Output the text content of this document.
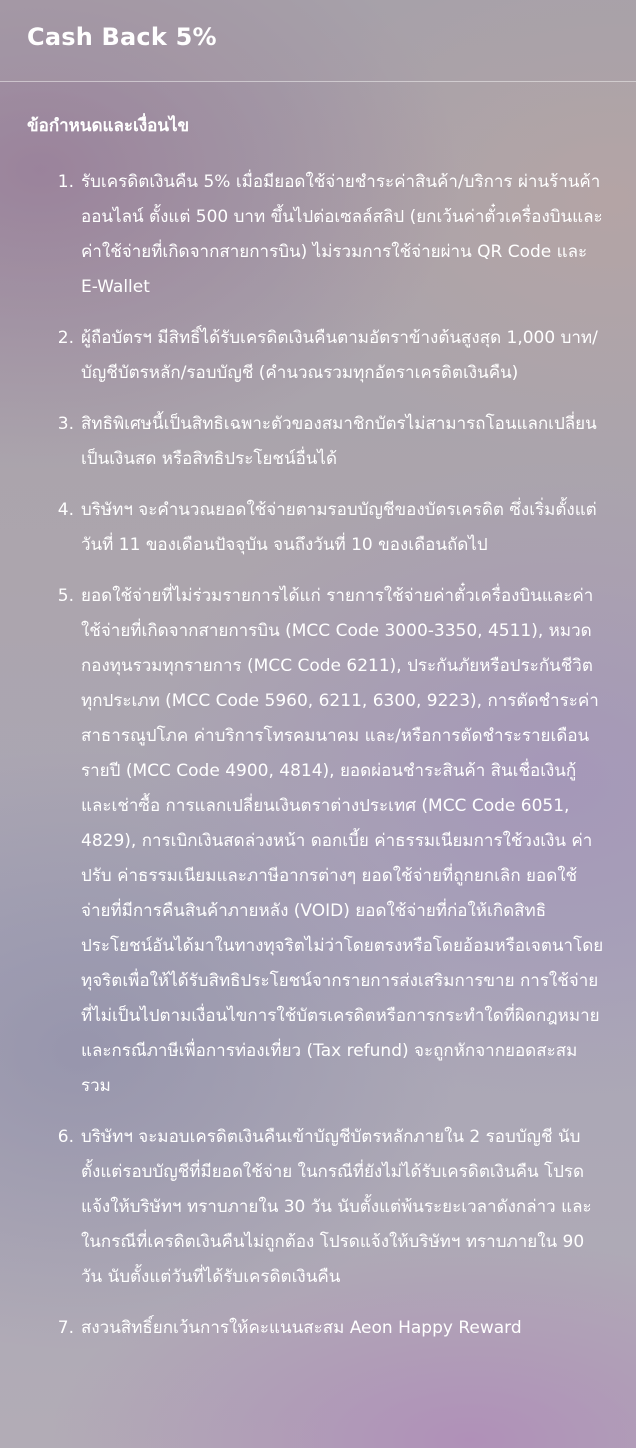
Cash Back 5%
ข้อกำหนดและเงื่อนไข
1. รับเครดิตเงินคืน 5% เมื่อมียอดใช้จ่ายชำระค่าสินค้า/บริการ ผ่านร้านค้าออนไลน์ ตั้งแต่ 500 บาท ขึ้นไปต่อเซลล์สลิป (ยกเว้นค่าตั๋วเครื่องบินและค่าใช้จ่ายที่เกิดจากสายการบิน) ไม่รวมการใช้จ่ายผ่าน QR Code และ E-Wallet
2. ผู้ถือบัตรฯ มีสิทธิ์ได้รับเครดิตเงินคืนตามอัตราข้างต้นสูงสุด 1,000 บาท/บัญชีบัตรหลัก/รอบบัญชี (คำนวณรวมทุกอัตราเครดิตเงินคืน)
3. สิทธิพิเศษนี้เป็นสิทธิเฉพาะตัวของสมาชิกบัตรไม่สามารถโอนแลกเปลี่ยนเป็นเงินสด หรือสิทธิประโยชน์อื่นได้
4. บริษัทฯ จะคำนวณยอดใช้จ่ายตามรอบบัญชีของบัตรเครดิต ซึ่งเริ่มตั้งแต่วันที่ 11 ของเดือนปัจจุบัน จนถึงวันที่ 10 ของเดือนถัดไป
5. ยอดใช้จ่ายที่ไม่ร่วมรายการได้แก่ รายการใช้จ่ายค่าตั๋วเครื่องบินและค่าใช้จ่ายที่เกิดจากสายการบิน (MCC Code 3000-3350, 4511), หมวดกองทุนรวมทุกรายการ (MCC Code 6211), ประกันภัยหรือประกันชีวิตทุกประเภท (MCC Code 5960, 6211, 6300, 9223), การตัดชำระค่าสาธารณูปโภค ค่าบริการโทรคมนาคม และ/หรือการตัดชำระรายเดือนรายปี (MCC Code 4900, 4814), ยอดผ่อนชำระสินค้า สินเชื่อเงินกู้และเช่าซื้อ การแลกเปลี่ยนเงินตราต่างประเทศ (MCC Code 6051, 4829), การเบิกเงินสดล่วงหน้า ดอกเบี้ย ค่าธรรมเนียมการใช้วงเงิน ค่าปรับ ค่าธรรมเนียมและภาษีอากรต่างๆ ยอดใช้จ่ายที่ถูกยกเลิก ยอดใช้จ่ายที่มีการคืนสินค้าภายหลัง (VOID) ยอดใช้จ่ายที่ก่อให้เกิดสิทธิประโยชน์อันได้มาในทางทุจริตไม่ว่าโดยตรงหรือโดยอ้อมหรือเจตนาโดยทุจริตเพื่อให้ได้รับสิทธิประโยชน์จากรายการส่งเสริมการขาย การใช้จ่ายที่ไม่เป็นไปตามเงื่อนไขการใช้บัตรเครดิตหรือการกระทำใดที่ผิดกฎหมาย และกรณีภาษีเพื่อการท่องเที่ยว (Tax refund) จะถูกหักจากยอดสะสมรวม
6. บริษัทฯ จะมอบเครดิตเงินคืนเข้าบัญชีบัตรหลักภายใน 2 รอบบัญชี นับตั้งแต่รอบบัญชีที่มียอดใช้จ่าย ในกรณีที่ยังไม่ได้รับเครดิตเงินคืน โปรดแจ้งให้บริษัทฯ ทราบภายใน 30 วัน นับตั้งแต่พ้นระยะเวลาดังกล่าว และในกรณีที่เครดิตเงินคืนไม่ถูกต้อง โปรดแจ้งให้บริษัทฯ ทราบภายใน 90 วัน นับตั้งแต่วันที่ได้รับเครดิตเงินคืน
7. สงวนสิทธิ์ยกเว้นการให้คะแนนสะสม Aeon Happy Reward
